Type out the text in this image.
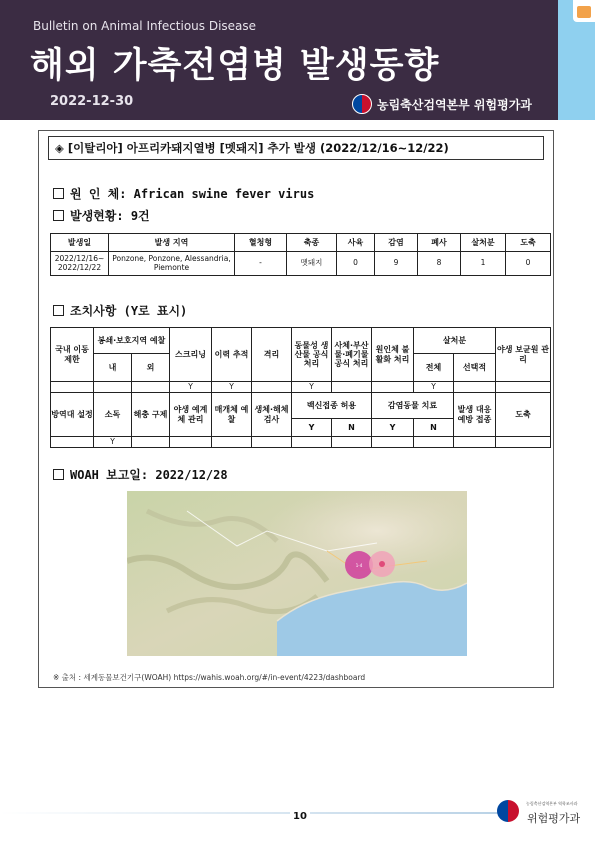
Bulletin on Animal Infectious Disease
해외 가축전염병 발생동향
2022-12-30	농림축산검역본부 위험평가과
◈ [이탈리아] 아프리카돼지열병 [멧돼지] 추가 발생 (2022/12/16~12/22)
원 인 체: African swine fever virus
발생현황: 9건
발생일	발생 지역	혈청형	축종	사육	감염	폐사	살처분	도축
2022/12/16~ 2022/12/22	Ponzone, Ponzone, Alessandria, Piemonte	-	멧돼지	0	9	8	1	0
조치사항 (Y로 표시)
국내 이동 제한	봉쇄·보호지역 예찰		스크리닝	이력 추적	격리	동물성 생산물 공식 처리	사체·부산물·폐기물 공식 처리	원인체 불활화 처리	살처분		야생 보균원 관리
	내	외							전체	선택적	
			Y	Y		Y			Y		
방역대 설정	소독	해충 구제	야생 예계체 관리	매개체 예찰	생체·해체 검사	백신접종 허용		감염동물 치료		발생 대응 예방 접종	도축
						Y	N	Y	N		
	Y										
WOAH 보고일: 2022/12/28
1-4
※ 출처 : 세계동물보건기구(WOAH) https://wahis.woah.org/#/in-event/4223/dashboard
10
농림축산검역본부 역학조사과
위험평가과
